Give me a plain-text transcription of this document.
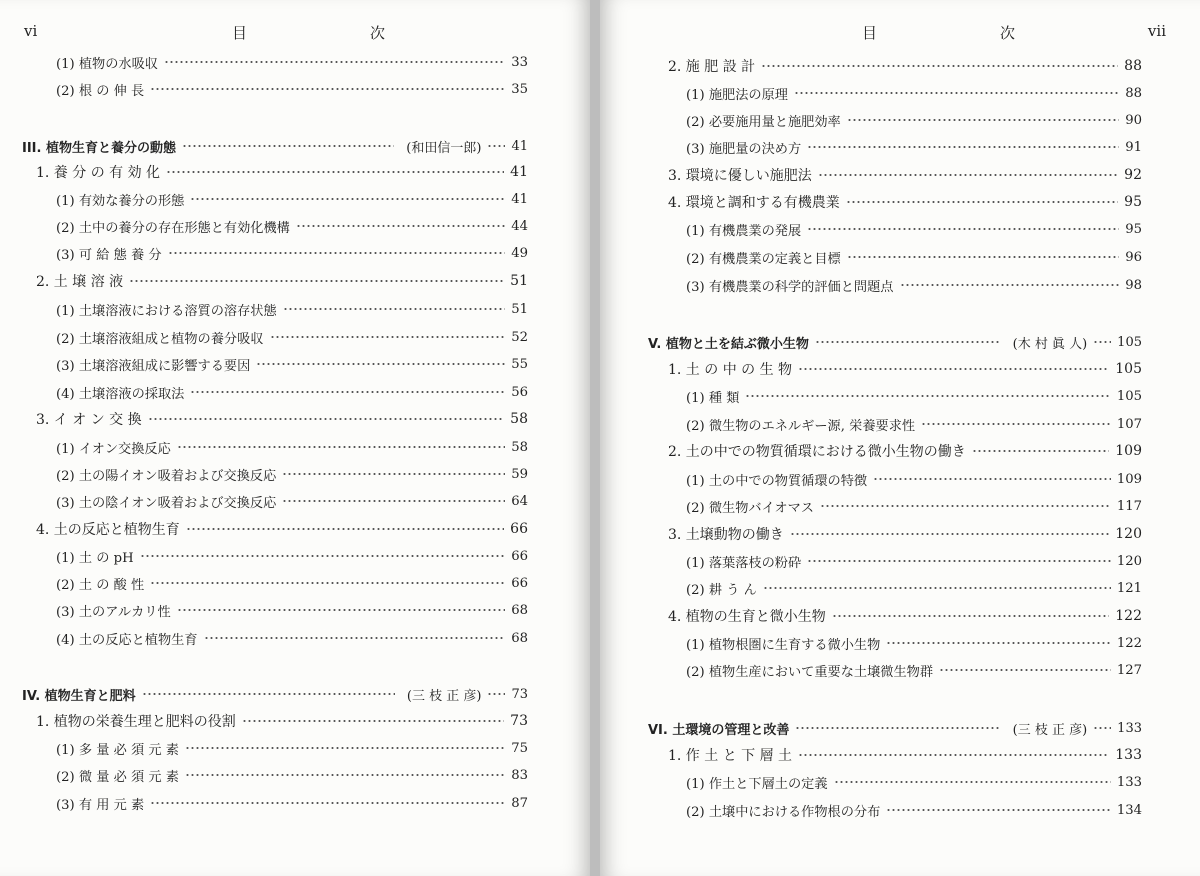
vi	目　次
(1) 植物の水吸収	33
(2) 根 の 伸 長	35
III. 植物生育と養分の動態	(和田信一郎) 41
1. 養 分 の 有 効 化	41
(1) 有効な養分の形態	41
(2) 土中の養分の存在形態と有効化機構	44
(3) 可 給 態 養 分	49
2. 土 壌 溶 液	51
(1) 土壌溶液における溶質の溶存状態	51
(2) 土壌溶液組成と植物の養分吸収	52
(3) 土壌溶液組成に影響する要因	55
(4) 土壌溶液の採取法	56
3. イ オ ン 交 換	58
(1) イオン交換反応	58
(2) 土の陽イオン吸着および交換反応	59
(3) 土の陰イオン吸着および交換反応	64
4. 土の反応と植物生育	66
(1) 土 の pH	66
(2) 土 の 酸 性	66
(3) 土のアルカリ性	68
(4) 土の反応と植物生育	68
IV. 植物生育と肥料	(三 枝 正 彦) 73
1. 植物の栄養生理と肥料の役割	73
(1) 多 量 必 須 元 素	75
(2) 微 量 必 須 元 素	83
(3) 有 用 元 素	87
目　次	vii
2. 施 肥 設 計	88
(1) 施肥法の原理	88
(2) 必要施用量と施肥効率	90
(3) 施肥量の決め方	91
3. 環境に優しい施肥法	92
4. 環境と調和する有機農業	95
(1) 有機農業の発展	95
(2) 有機農業の定義と目標	96
(3) 有機農業の科学的評価と問題点	98
V. 植物と土を結ぶ微小生物	(木 村 眞 人) 105
1. 土 の 中 の 生 物	105
(1) 種 類	105
(2) 微生物のエネルギー源, 栄養要求性	107
2. 土の中での物質循環における微小生物の働き	109
(1) 土の中での物質循環の特徴	109
(2) 微生物バイオマス	117
3. 土壌動物の働き	120
(1) 落葉落枝の粉砕	120
(2) 耕 う ん	121
4. 植物の生育と微小生物	122
(1) 植物根圏に生育する微小生物	122
(2) 植物生産において重要な土壌微生物群	127
VI. 土環境の管理と改善	(三 枝 正 彦) 133
1. 作 土 と 下 層 土	133
(1) 作土と下層土の定義	133
(2) 土壌中における作物根の分布	134
